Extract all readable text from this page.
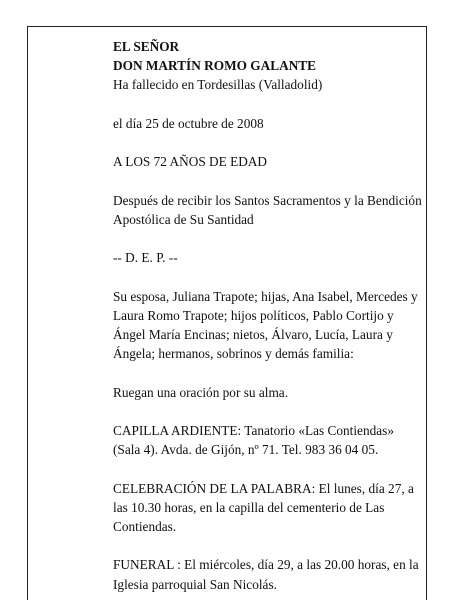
EL SEÑOR

DON MARTÍN ROMO GALANTE

Ha fallecido en Tordesillas (Valladolid)

el día 25 de octubre de 2008

A LOS 72 AÑOS DE EDAD

Después de recibir los Santos Sacramentos y la Bendición Apostólica de Su Santidad

-- D. E. P. --

Su esposa, Juliana Trapote; hijas, Ana Isabel, Mercedes y Laura Romo Trapote; hijos políticos, Pablo Cortijo y Ángel María Encinas; nietos, Álvaro, Lucía, Laura y Ángela; hermanos, sobrinos y demás familia:

Ruegan una oración por su alma.

CAPILLA ARDIENTE: Tanatorio «Las Contiendas» (Sala 4). Avda. de Gijón, nº 71. Tel. 983 36 04 05.

CELEBRACIÓN DE LA PALABRA: El lunes, día 27, a las 10.30 horas, en la capilla del cementerio de Las Contiendas.

FUNERAL : El miércoles, día 29, a las 20.00 horas, en la Iglesia parroquial San Nicolás.
